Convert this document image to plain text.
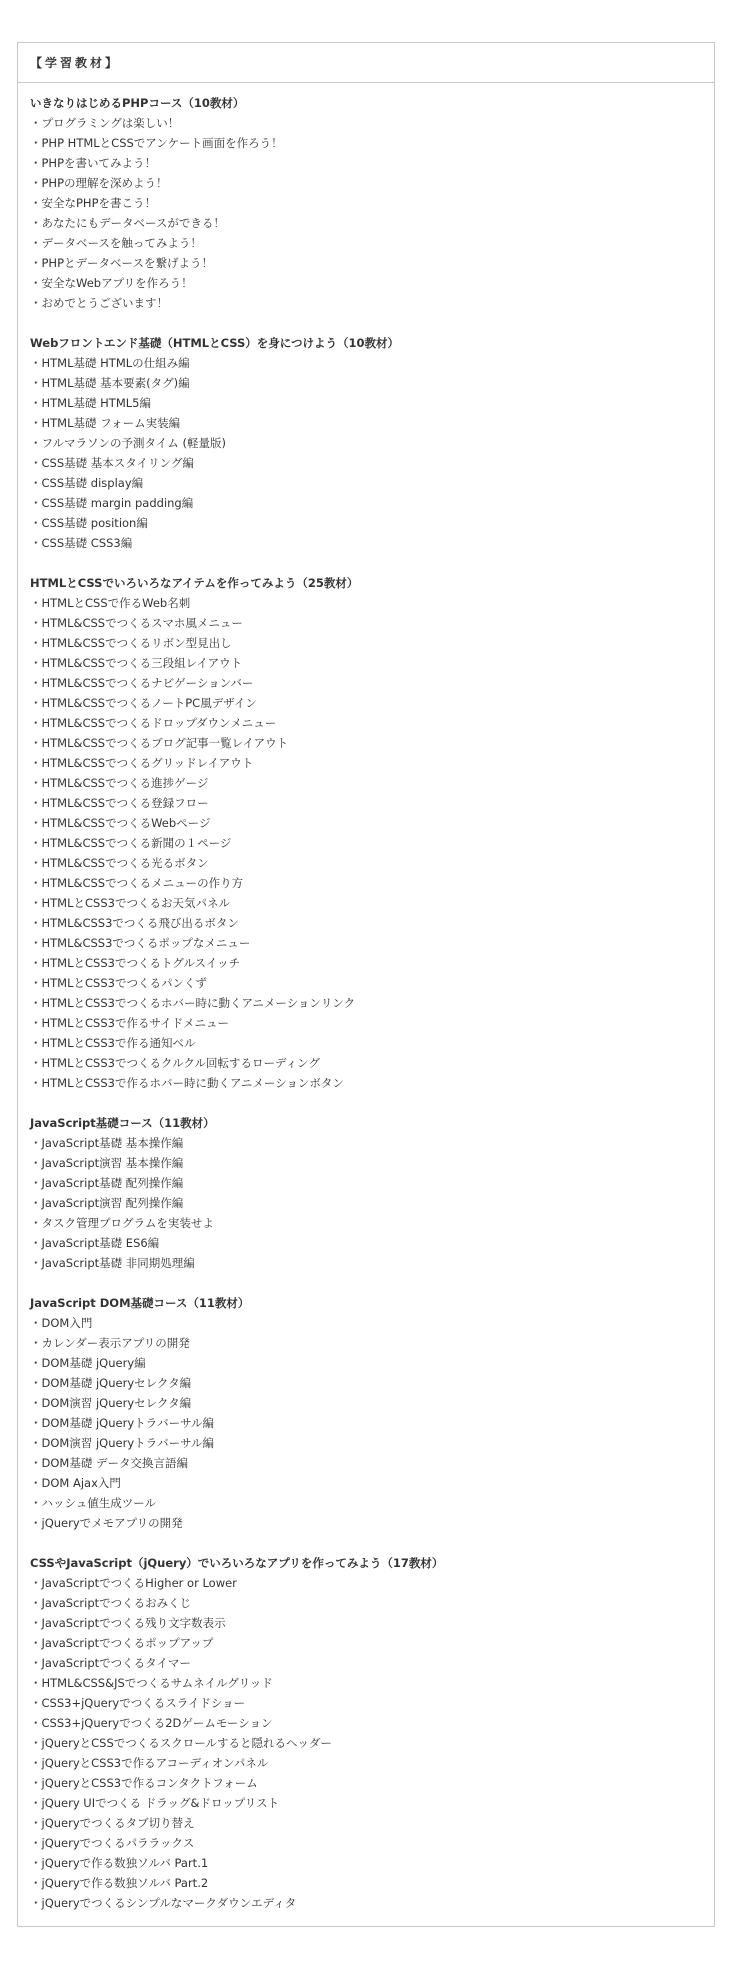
【学習教材】
いきなりはじめるPHPコース（10教材）
・ プログラミングは楽しい！
・ PHP HTMLとCSSでアンケート画面を作ろう！
・ PHPを書いてみよう！
・ PHPの理解を深めよう！
・ 安全なPHPを書こう！
・ あなたにもデータベースができる！
・ データベースを触ってみよう！
・ PHPとデータベースを繋げよう！
・ 安全なWebアプリを作ろう！
・ おめでとうございます！
Webフロントエンド基礎（HTMLとCSS）を身につけよう（10教材）
・ HTML基礎 HTMLの仕組み編
・ HTML基礎 基本要素(タグ)編
・ HTML基礎 HTML5編
・ HTML基礎 フォーム実装編
・ フルマラソンの予測タイム (軽量版)
・ CSS基礎 基本スタイリング編
・ CSS基礎 display編
・ CSS基礎 margin padding編
・ CSS基礎 position編
・ CSS基礎 CSS3編
HTMLとCSSでいろいろなアイテムを作ってみよう（25教材）
・ HTMLとCSSで作るWeb名刺
・ HTML&CSSでつくるスマホ風メニュー
・ HTML&CSSでつくるリボン型見出し
・ HTML&CSSでつくる三段組レイアウト
・ HTML&CSSでつくるナビゲーションバー
・ HTML&CSSでつくるノートPC風デザイン
・ HTML&CSSでつくるドロップダウンメニュー
・ HTML&CSSでつくるブログ記事一覧レイアウト
・ HTML&CSSでつくるグリッドレイアウト
・ HTML&CSSでつくる進捗ゲージ
・ HTML&CSSでつくる登録フロー
・ HTML&CSSでつくるWebページ
・ HTML&CSSでつくる新聞の１ページ
・ HTML&CSSでつくる光るボタン
・ HTML&CSSでつくるメニューの作り方
・ HTMLとCSS3でつくるお天気パネル
・ HTML&CSS3でつくる飛び出るボタン
・ HTML&CSS3でつくるポップなメニュー
・ HTMLとCSS3でつくるトグルスイッチ
・ HTMLとCSS3でつくるパンくず
・ HTMLとCSS3でつくるホバー時に動くアニメーションリンク
・ HTMLとCSS3で作るサイドメニュー
・ HTMLとCSS3で作る通知ベル
・ HTMLとCSS3でつくるクルクル回転するローディング
・ HTMLとCSS3で作るホバー時に動くアニメーションボタン
JavaScript基礎コース（11教材）
・ JavaScript基礎 基本操作編
・ JavaScript演習 基本操作編
・ JavaScript基礎 配列操作編
・ JavaScript演習 配列操作編
・ タスク管理プログラムを実装せよ
・ JavaScript基礎 ES6編
・ JavaScript基礎 非同期処理編
JavaScript DOM基礎コース（11教材）
・ DOM入門
・ カレンダー表示アプリの開発
・ DOM基礎 jQuery編
・ DOM基礎 jQueryセレクタ編
・ DOM演習 jQueryセレクタ編
・ DOM基礎 jQueryトラバーサル編
・ DOM演習 jQueryトラバーサル編
・ DOM基礎 データ交換言語編
・ DOM Ajax入門
・ ハッシュ値生成ツール
・ jQueryでメモアプリの開発
CSSやJavaScript（jQuery）でいろいろなアプリを作ってみよう（17教材）
・ JavaScriptでつくるHigher or Lower
・ JavaScriptでつくるおみくじ
・ JavaScriptでつくる残り文字数表示
・ JavaScriptでつくるポップアップ
・ JavaScriptでつくるタイマー
・ HTML&CSS&JSでつくるサムネイルグリッド
・ CSS3+jQueryでつくるスライドショー
・ CSS3+jQueryでつくる2Dゲームモーション
・ jQueryとCSSでつくるスクロールすると隠れるヘッダー
・ jQueryとCSS3で作るアコーディオンパネル
・ jQueryとCSS3で作るコンタクトフォーム
・ jQuery UIでつくる ドラッグ&ドロップリスト
・ jQueryでつくるタブ切り替え
・ jQueryでつくるパララックス
・ jQueryで作る数独ソルバ Part.1
・ jQueryで作る数独ソルバ Part.2
・ jQueryでつくるシンプルなマークダウンエディタ
